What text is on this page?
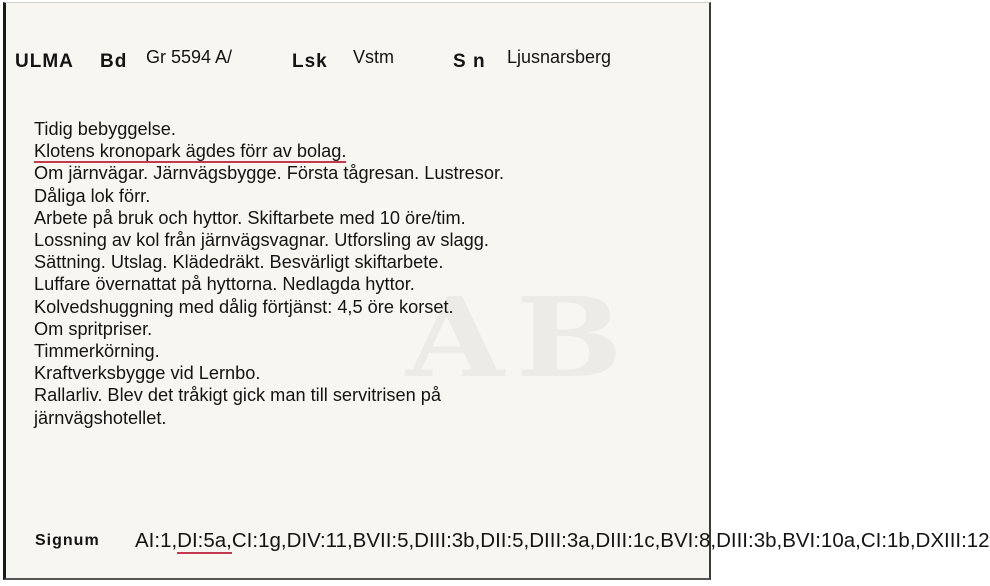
ULMA Bd Gr 5594 A/	Lsk Vstm	S n Ljusnarsberg
Tidig bebyggelse.
Klotens kronopark ägdes förr av bolag.
Om järnvägar. Järnvägsbygge. Första tågresan. Lustresor.
Dåliga lok förr.
Arbete på bruk och hyttor. Skiftarbete med 10 öre/tim.
Lossning av kol från järnvägsvagnar. Utforsling av slagg.
Sättning. Utslag. Klädedräkt. Besvärligt skiftarbete.
Luffare övernattat på hyttorna. Nedlagda hyttor.
Kolvedshuggning med dålig förtjänst: 4,5 öre korset.
Om spritpriser.
Timmerkörning.
Kraftverksbygge vid Lernbo.
Rallarliv. Blev det tråkigt gick man till servitrisen på järnvägshotellet.
Signum AI:1,DI:5a,CI:1g,DIV:11,BVII:5,DIII:3b,DII:5,DIII:3a,DIII:1c,BVI:8,DIII:3b,BVI:10a,CI:1b,DXIII:12
